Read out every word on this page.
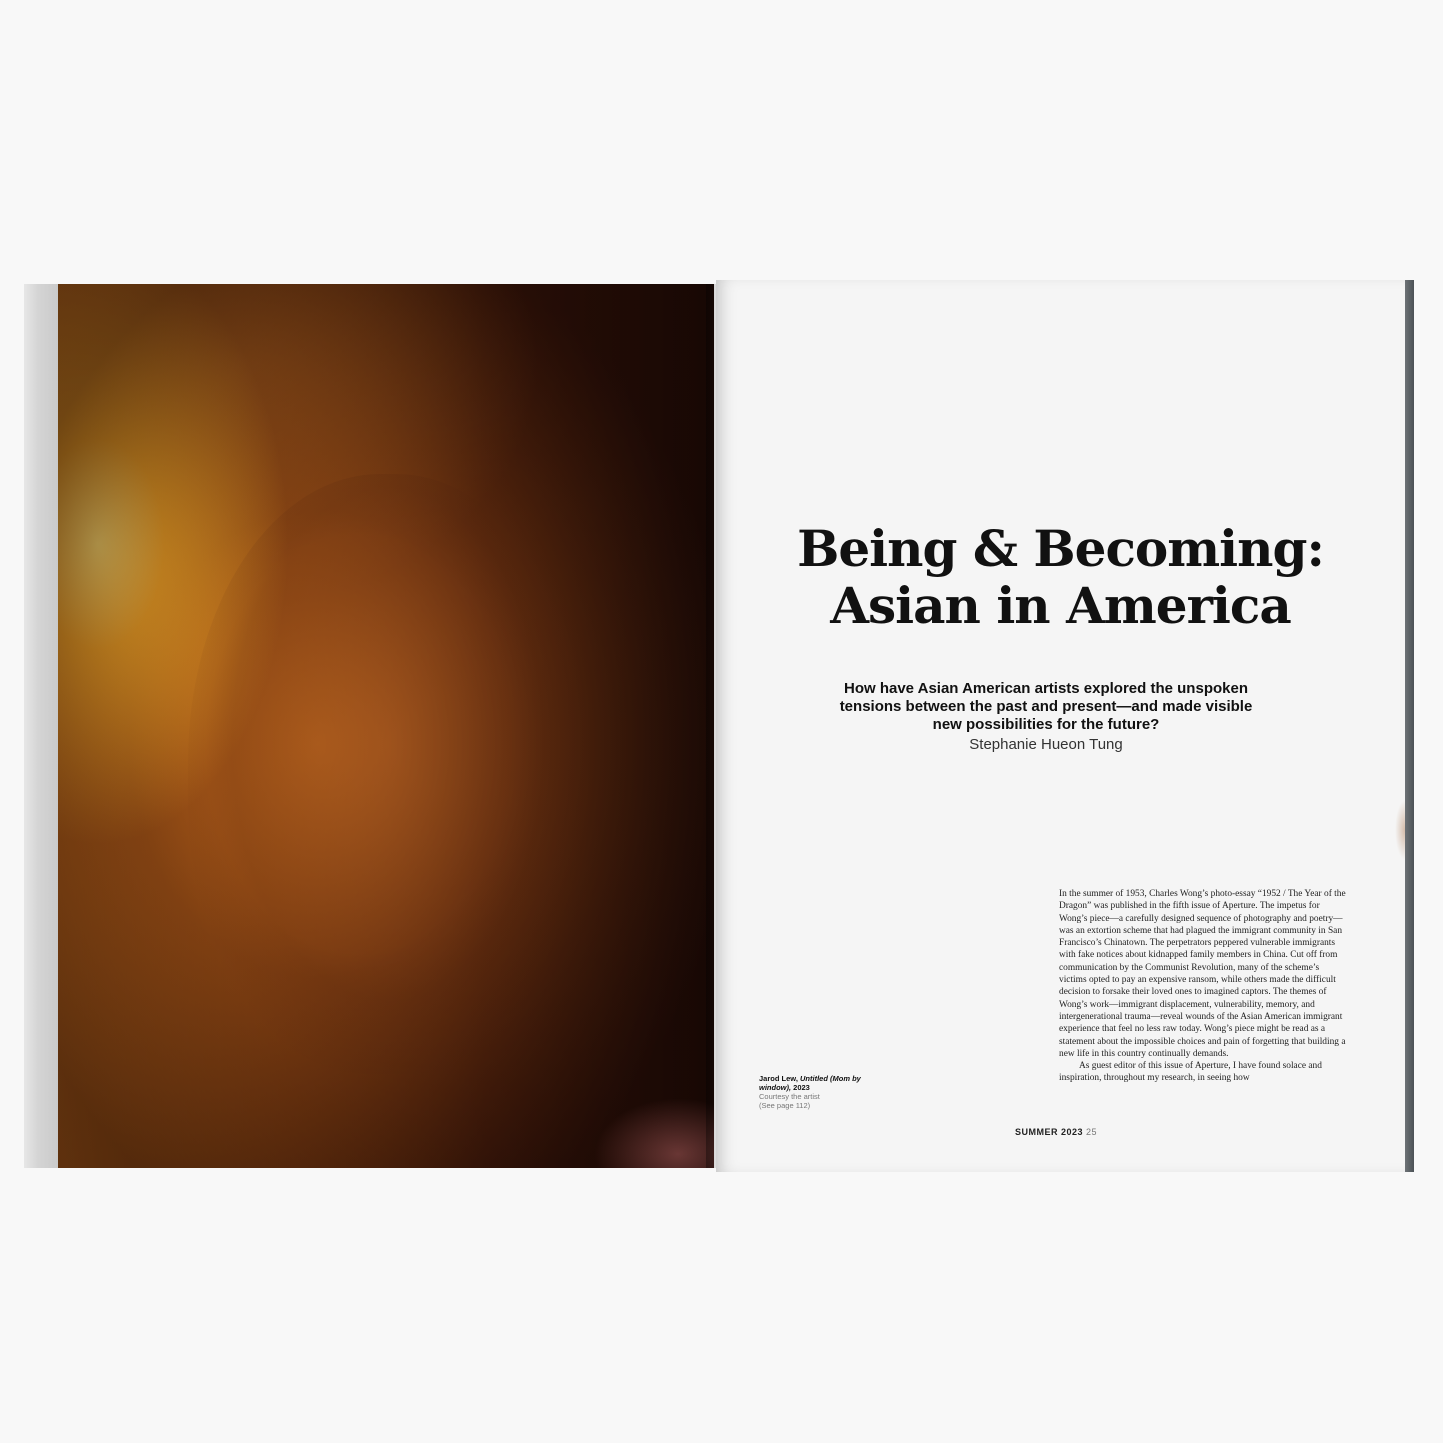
Being & Becoming:
Asian in America

How have Asian American artists explored the unspoken tensions between the past and present—and made visible new possibilities for the future?

Stephanie Hueon Tung
Jarod Lew, Untitled (Mom by window), 2023
Courtesy the artist
(See page 112)

In the summer of 1953, Charles Wong’s photo-essay “1952 / The Year of the Dragon” was published in the fifth issue of Aperture. The impetus for Wong’s piece—a carefully designed sequence of photography and poetry—was an extortion scheme that had plagued the immigrant community in San Francisco’s Chinatown. The perpetrators peppered vulnerable immigrants with fake notices about kidnapped family members in China. Cut off from communication by the Communist Revolution, many of the scheme’s victims opted to pay an expensive ransom, while others made the difficult decision to forsake their loved ones to imagined captors. The themes of Wong’s work—immigrant displacement, vulnerability, memory, and intergenerational trauma—reveal wounds of the Asian American immigrant experience that feel no less raw today. Wong’s piece might be read as a statement about the impossible choices and pain of forgetting that building a new life in this country continually demands.

As guest editor of this issue of Aperture, I have found solace and inspiration, throughout my research, in seeing how

SUMMER 2023 25
